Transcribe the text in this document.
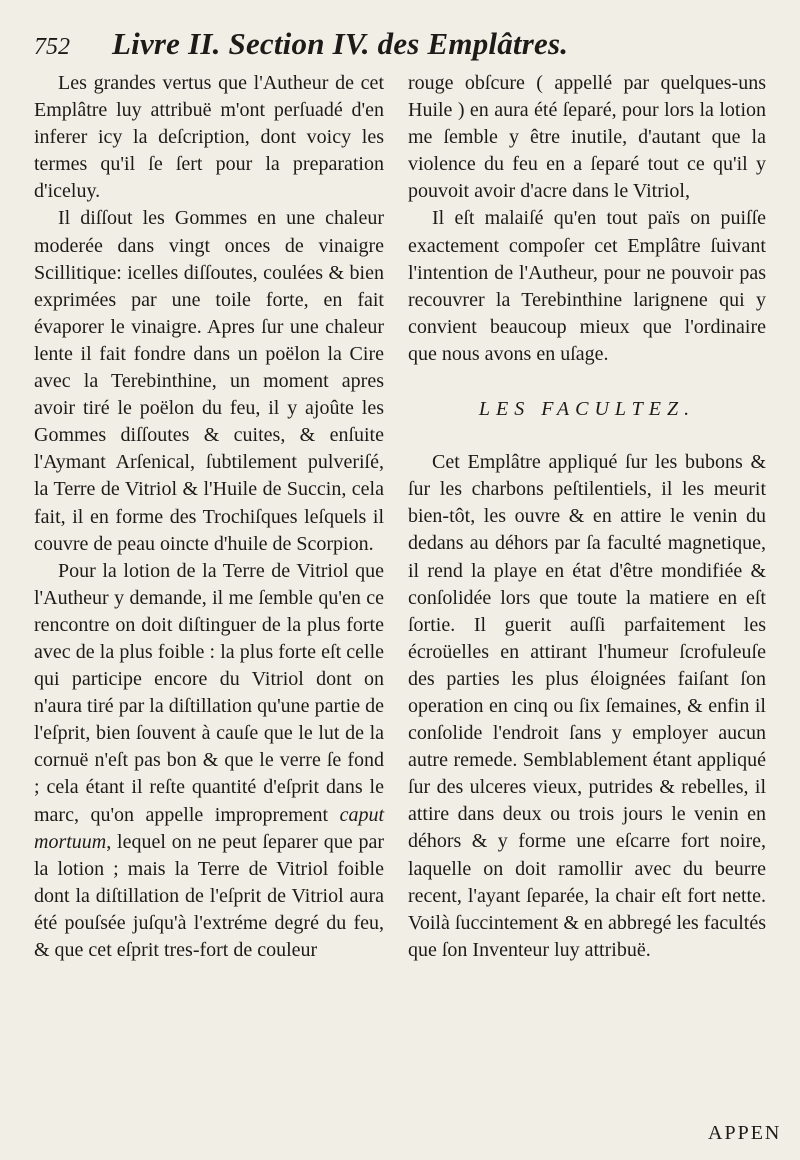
752 Livre II. Section IV. des Emplâtres.

Les grandes vertus que l'Autheur de cet Emplâtre luy attribuë m'ont perſuadé d'en inferer icy la deſcription, dont voicy les termes qu'il ſe ſert pour la preparation d'iceluy.

Il diſſout les Gommes en une chaleur moderée dans vingt onces de vinaigre Scillitique: icelles diſſoutes, coulées & bien exprimées par une toile forte, en fait évaporer le vinaigre. Apres ſur une chaleur lente il fait fondre dans un poëlon la Cire avec la Terebinthine, un moment apres avoir tiré le poëlon du feu, il y ajoûte les Gommes diſſoutes & cuites, & enſuite l'Aymant Arſenical, ſubtilement pulveriſé, la Terre de Vitriol & l'Huile de Succin, cela fait, il en forme des Trochiſques leſquels il couvre de peau oincte d'huile de Scorpion.

Pour la lotion de la Terre de Vitriol que l'Autheur y demande, il me ſemble qu'en ce rencontre on doit diſtinguer de la plus forte avec de la plus foible : la plus forte eſt celle qui participe encore du Vitriol dont on n'aura tiré par la diſtillation qu'une partie de l'eſprit, bien ſouvent à cauſe que le lut de la cornuë n'eſt pas bon & que le verre ſe fond ; cela étant il reſte quantité d'eſprit dans le marc, qu'on appelle improprement caput mortuum, lequel on ne peut ſeparer que par la lotion ; mais la Terre de Vitriol foible dont la diſtillation de l'eſprit de Vitriol aura été pouſsée juſqu'à l'extréme degré du feu, & que cet eſprit tres-fort de couleur

rouge obſcure ( appellé par quelques-uns Huile ) en aura été ſeparé, pour lors la lotion me ſemble y être inutile, d'autant que la violence du feu en a ſeparé tout ce qu'il y pouvoit avoir d'acre dans le Vitriol,

Il eſt malaiſé qu'en tout païs on puiſſe exactement compoſer cet Emplâtre ſuivant l'intention de l'Autheur, pour ne pouvoir pas recouvrer la Terebinthine larignene qui y convient beaucoup mieux que l'ordinaire que nous avons en uſage.

LES FACULTEZ.

Cet Emplâtre appliqué ſur les bubons & ſur les charbons peſtilentiels, il les meurit bien-tôt, les ouvre & en attire le venin du dedans au déhors par ſa faculté magnetique, il rend la playe en état d'être mondifiée & conſolidée lors que toute la matiere en eſt ſortie. Il guerit auſſi parfaitement les écroüelles en attirant l'humeur ſcrofuleuſe des parties les plus éloignées faiſant ſon operation en cinq ou ſix ſemaines, & enfin il conſolide l'endroit ſans y employer aucun autre remede. Semblablement étant appliqué ſur des ulceres vieux, putrides & rebelles, il attire dans deux ou trois jours le venin en déhors & y forme une eſcarre fort noire, laquelle on doit ramollir avec du beurre recent, l'ayant ſeparée, la chair eſt fort nette. Voilà ſuccintement & en abbregé les facultés que ſon Inventeur luy attribuë.

APPEN
